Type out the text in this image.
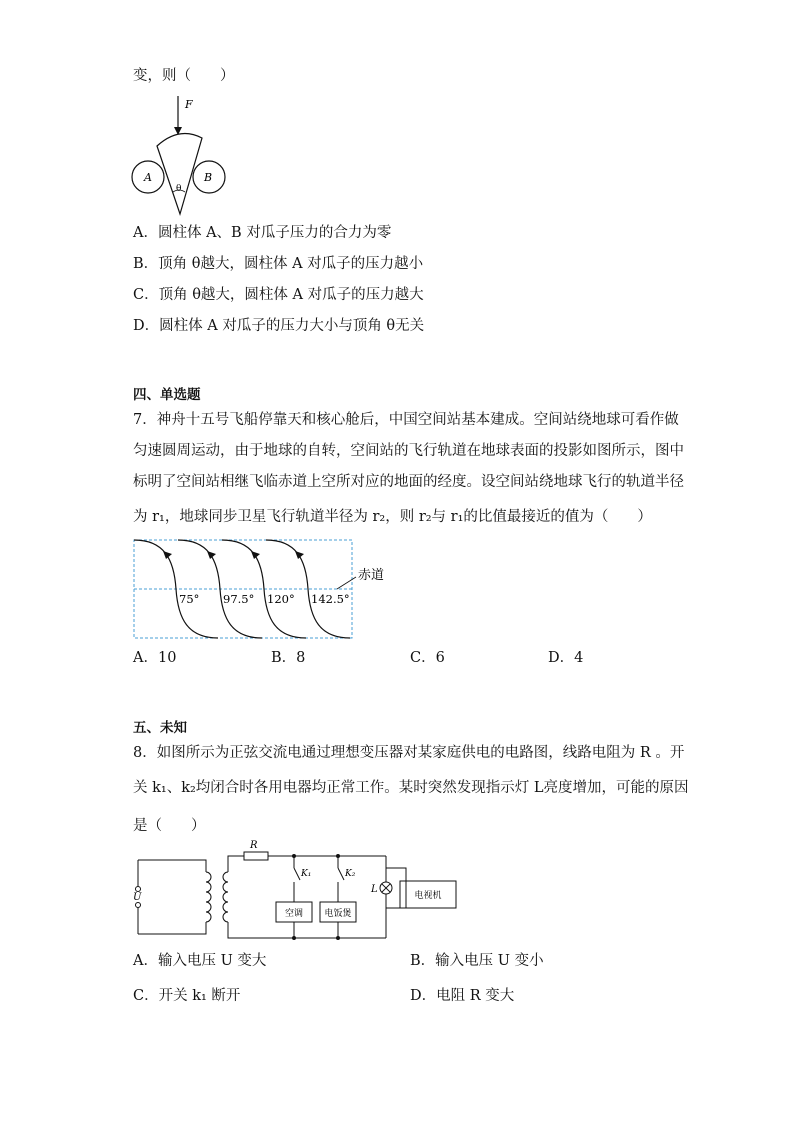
变，则（　　）
F
A	B
θ
A．圆柱体 A、B 对瓜子压力的合力为零
B．顶角 θ越大，圆柱体 A 对瓜子的压力越小
C．顶角 θ越大，圆柱体 A 对瓜子的压力越大
D．圆柱体 A 对瓜子的压力大小与顶角 θ无关
四、单选题
7．神舟十五号飞船停靠天和核心舱后，中国空间站基本建成。空间站绕地球可看作做
匀速圆周运动，由于地球的自转，空间站的飞行轨道在地球表面的投影如图所示，图中
标明了空间站相继飞临赤道上空所对应的地面的经度。设空间站绕地球飞行的轨道半径
为 r₁，地球同步卫星飞行轨道半径为 r₂，则 r₂与 r₁的比值最接近的值为（　　）
75° 97.5° 120° 142.5°
赤道
A．10	B．8	C．6	D．4
五、未知
8．如图所示为正弦交流电通过理想变压器对某家庭供电的电路图，线路电阻为 R 。开
关 k₁、k₂均闭合时各用电器均正常工作。某时突然发现指示灯 L亮度增加，可能的原因
是（　　）
U
R
K₁	K₂
L
空调 电饭煲
电视机
A．输入电压 U 变大	B．输入电压 U 变小
C．开关 k₁ 断开	D．电阻 R 变大
